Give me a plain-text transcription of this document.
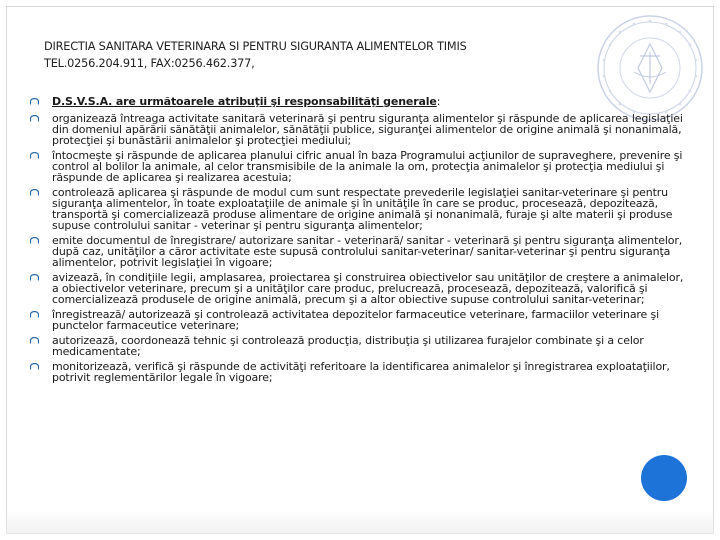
DIRECTIA SANITARA VETERINARA SI PENTRU SIGURANTA ALIMENTELOR TIMIS
TEL.0256.204.911, FAX:0256.462.377,
D.S.V.S.A. are următoarele atribuţii şi responsabilităţi generale:
organizează întreaga activitate sanitară veterinară şi pentru siguranţa alimentelor şi răspunde de aplicarea legislaţiei din domeniul apărării sănătăţii animalelor, sănătăţii publice, siguranţei alimentelor de origine animală şi nonanimală, protecţiei şi bunăstării animalelor şi protecţiei mediului;
întocmeşte şi răspunde de aplicarea planului cifric anual în baza Programului acţiunilor de supraveghere, prevenire şi control al bolilor la animale, al celor transmisibile de la animale la om, protecţia animalelor şi protecţia mediului şi răspunde de aplicarea şi realizarea acestuia;
controlează aplicarea şi răspunde de modul cum sunt respectate prevederile legislaţiei sanitar-veterinare şi pentru siguranţa alimentelor, în toate exploataţiile de animale şi în unităţile în care se produc, procesează, depozitează, transportă şi comercializează produse alimentare de origine animală şi nonanimală, furaje şi alte materii şi produse supuse controlului sanitar - veterinar şi pentru siguranţa alimentelor;
emite documentul de înregistrare/ autorizare sanitar - veterinară/ sanitar - veterinară şi pentru siguranţa alimentelor, după caz, unităţilor a căror activitate este supusă controlului sanitar-veterinar/ sanitar-veterinar şi pentru siguranţa alimentelor, potrivit legislaţiei în vigoare;
avizează, în condiţiile legii, amplasarea, proiectarea şi construirea obiectivelor sau unităţilor de creştere a animalelor, a obiectivelor veterinare, precum şi a unităţilor care produc, prelucrează, procesează, depozitează, valorifică şi comercializează produsele de origine animală, precum şi a altor obiective supuse controlului sanitar-veterinar;
înregistrează/ autorizează şi controlează activitatea depozitelor farmaceutice veterinare, farmaciilor veterinare şi punctelor farmaceutice veterinare;
autorizează, coordonează tehnic şi controlează producţia, distribuţia şi utilizarea furajelor combinate şi a celor medicamentate;
monitorizează, verifică şi răspunde de activităţi referitoare la identificarea animalelor şi înregistrarea exploataţiilor, potrivit reglementărilor legale în vigoare;
